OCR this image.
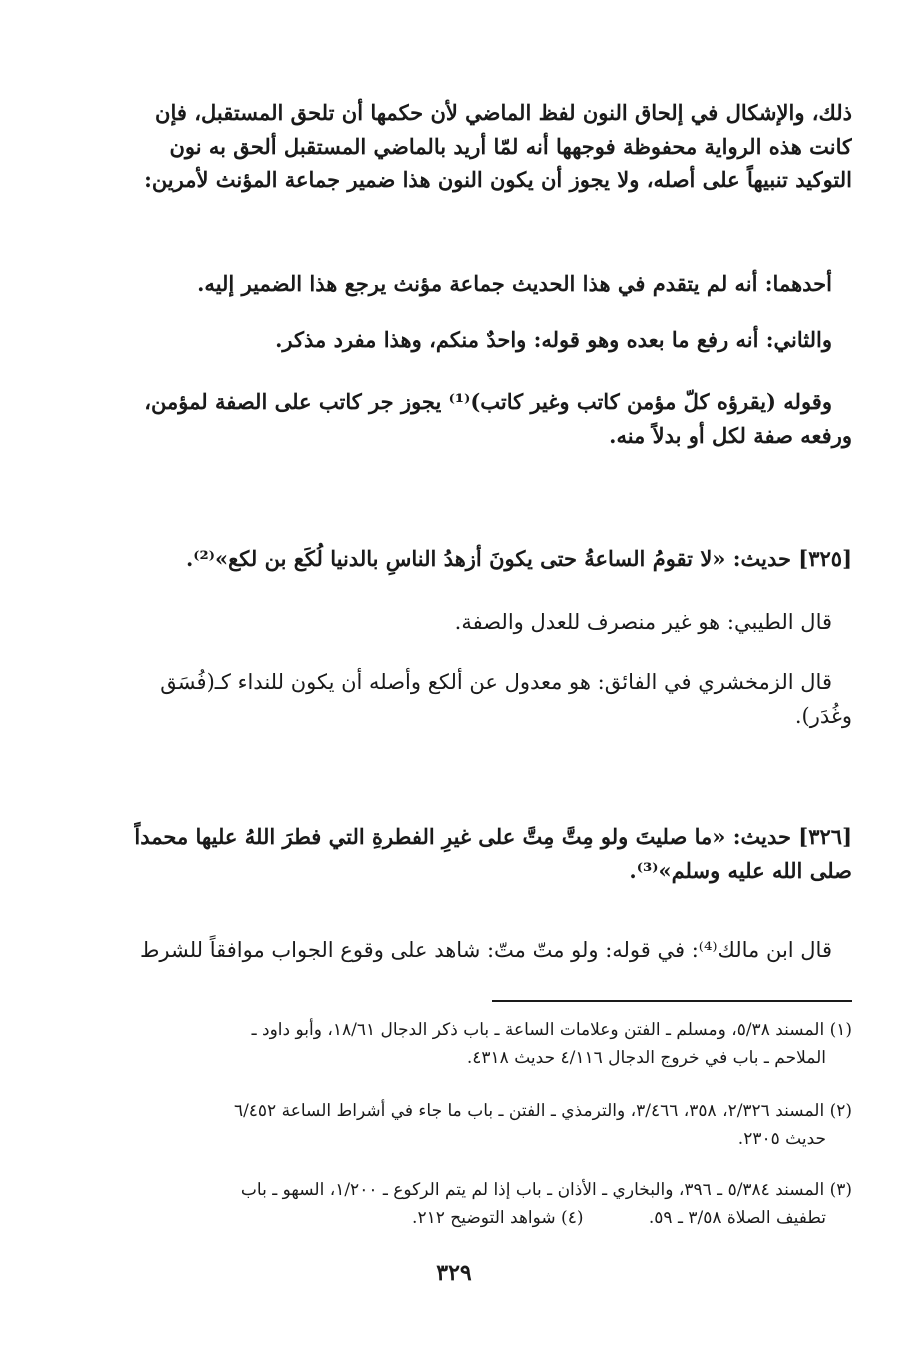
ذلك، والإشكال في إلحاق النون لفظ الماضي لأن حكمها أن تلحق المستقبل، فإن
كانت هذه الرواية محفوظة فوجهها أنه لمّا أريد بالماضي المستقبل ألحق به نون
التوكيد تنبيهاً على أصله، ولا يجوز أن يكون النون هذا ضمير جماعة المؤنث لأمرين:
أحدهما: أنه لم يتقدم في هذا الحديث جماعة مؤنث يرجع هذا الضمير إليه.
والثاني: أنه رفع ما بعده وهو قوله: واحدٌ منكم، وهذا مفرد مذكر.
وقوله (يقرؤه كلّ مؤمن كاتب وغير كاتب)⁽¹⁾ يجوز جر كاتب على الصفة لمؤمن،
ورفعه صفة لكل أو بدلاً منه.
[٣٢٥] حديث: «لا تقومُ الساعةُ حتى يكونَ أزهدُ الناسِ بالدنيا لُكَع بن لكع»⁽²⁾.
قال الطيبي: هو غير منصرف للعدل والصفة.
قال الزمخشري في الفائق: هو معدول عن ألكع وأصله أن يكون للنداء كـ(فُسَق
وغُدَر).
[٣٢٦] حديث: «ما صليتَ ولو مِتَّ مِتَّ على غيرِ الفطرةِ التي فطرَ اللهُ عليها محمداً
صلى الله عليه وسلم»⁽³⁾.
قال ابن مالك⁽⁴⁾: في قوله: ولو متّ متّ: شاهد على وقوع الجواب موافقاً للشرط
(١) المسند ٥/٣٨، ومسلم ـ الفتن وعلامات الساعة ـ باب ذكر الدجال ١٨/٦١، وأبو داود ـ
الملاحم ـ باب في خروج الدجال ٤/١١٦ حديث ٤٣١٨.
(٢) المسند ٢/٣٢٦، ٣٥٨، ٣/٤٦٦، والترمذي ـ الفتن ـ باب ما جاء في أشراط الساعة ٦/٤٥٢
حديث ٢٣٠٥.
(٣) المسند ٥/٣٨٤ ـ ٣٩٦، والبخاري ـ الأذان ـ باب إذا لم يتم الركوع ـ ١/٢٠٠، السهو ـ باب
تطفيف الصلاة ٣/٥٨ ـ ٥٩. (٤) شواهد التوضيح ٢١٢.
٣٢٩
